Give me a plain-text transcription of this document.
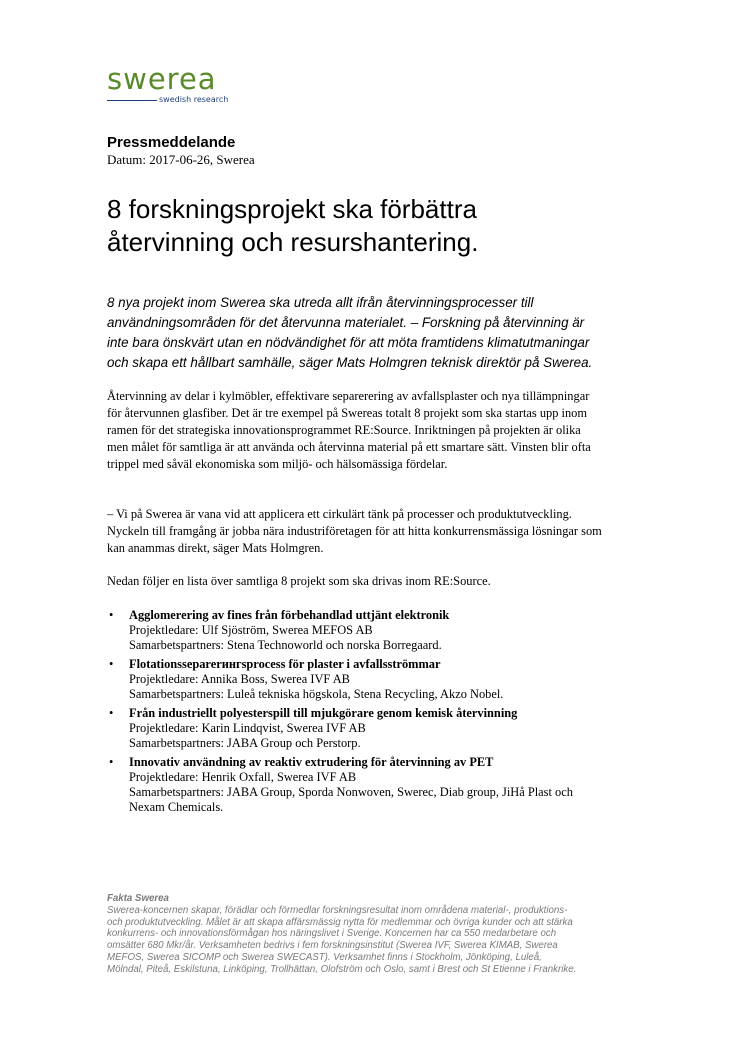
swerea
swedish research
Pressmeddelande
Datum: 2017-06-26, Swerea
8 forskningsprojekt ska förbättra
återvinning och resurshantering.
8 nya projekt inom Swerea ska utreda allt ifrån återvinningsprocesser till
användningsområden för det återvunna materialet. – Forskning på återvinning är
inte bara önskvärt utan en nödvändighet för att möta framtidens klimatutmaningar
och skapa ett hållbart samhälle, säger Mats Holmgren teknisk direktör på Swerea.
Återvinning av delar i kylmöbler, effektivare separerering av avfallsplaster och nya tillämpningar
för återvunnen glasfiber. Det är tre exempel på Swereas totalt 8 projekt som ska startas upp inom
ramen för det strategiska innovationsprogrammet RE:Source. Inriktningen på projekten är olika
men målet för samtliga är att använda och återvinna material på ett smartare sätt. Vinsten blir ofta
trippel med såväl ekonomiska som miljö- och hälsomässiga fördelar.
– Vi på Swerea är vana vid att applicera ett cirkulärt tänk på processer och produktutveckling.
Nyckeln till framgång är jobba nära industriföretagen för att hitta konkurrensmässiga lösningar som
kan anammas direkt, säger Mats Holmgren.
Nedan följer en lista över samtliga 8 projekt som ska drivas inom RE:Source.
• Agglomerering av fines från förbehandlad uttjänt elektronik
Projektledare: Ulf Sjöström, Swerea MEFOS AB
Samarbetspartners: Stena Technoworld och norska Borregaard.
• Flotationsseparerингsprocess för plaster i avfallsströmmar
Projektledare: Annika Boss, Swerea IVF AB
Samarbetspartners: Luleå tekniska högskola, Stena Recycling, Akzo Nobel.
• Från industriellt polyesterspill till mjukgörare genom kemisk återvinning
Projektledare: Karin Lindqvist, Swerea IVF AB
Samarbetspartners: JABA Group och Perstorp.
• Innovativ användning av reaktiv extrudering för återvinning av PET
Projektledare: Henrik Oxfall, Swerea IVF AB
Samarbetspartners: JABA Group, Sporda Nonwoven, Swerec, Diab group, JiHå Plast och
Nexam Chemicals.
Fakta Swerea
Swerea-koncernen skapar, förädlar och förmedlar forskningsresultat inom områdena material-, produktions-
och produktutveckling. Målet är att skapa affärsmässig nytta för medlemmar och övriga kunder och att stärka
konkurrens- och innovationsförmågan hos näringslivet i Sverige. Koncernen har ca 550 medarbetare och
omsätter 680 Mkr/år. Verksamheten bedrivs i fem forskningsinstitut (Swerea IVF, Swerea KIMAB, Swerea
MEFOS, Swerea SICOMP och Swerea SWECAST). Verksamhet finns i Stockholm, Jönköping, Luleå,
Mölndal, Piteå, Eskilstuna, Linköping, Trollhättan, Olofström och Oslo, samt i Brest och St Etienne i Frankrike.
